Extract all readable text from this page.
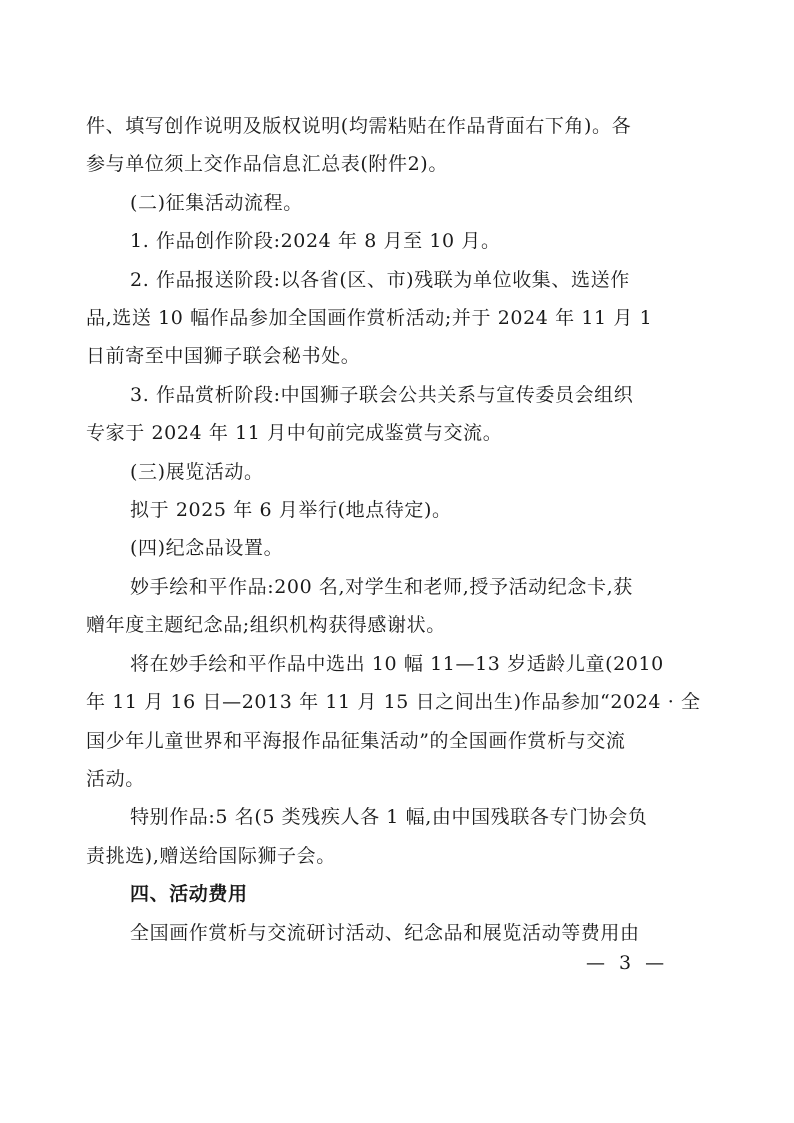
件、填写创作说明及版权说明(均需粘贴在作品背面右下角)。各

参与单位须上交作品信息汇总表(附件2)。

(二)征集活动流程。

1. 作品创作阶段:2024 年 8 月至 10 月。

2. 作品报送阶段:以各省(区、市)残联为单位收集、选送作

品,选送 10 幅作品参加全国画作赏析活动;并于 2024 年 11 月 1

日前寄至中国狮子联会秘书处。

3. 作品赏析阶段:中国狮子联会公共关系与宣传委员会组织

专家于 2024 年 11 月中旬前完成鉴赏与交流。

(三)展览活动。

拟于 2025 年 6 月举行(地点待定)。

(四)纪念品设置。

妙手绘和平作品:200 名,对学生和老师,授予活动纪念卡,获

赠年度主题纪念品;组织机构获得感谢状。

将在妙手绘和平作品中选出 10 幅 11—13 岁适龄儿童(2010

年 11 月 16 日—2013 年 11 月 15 日之间出生)作品参加“2024 · 全

国少年儿童世界和平海报作品征集活动”的全国画作赏析与交流

活动。

特别作品:5 名(5 类残疾人各 1 幅,由中国残联各专门协会负

责挑选),赠送给国际狮子会。

四、活动费用

全国画作赏析与交流研讨活动、纪念品和展览活动等费用由

— 3 —
